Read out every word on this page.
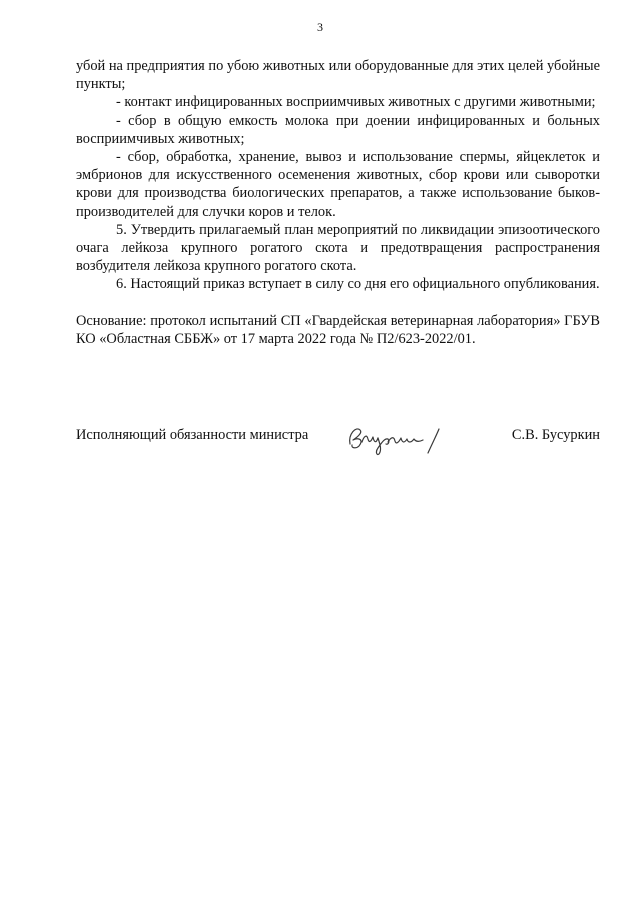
3

убой на предприятия по убою животных или оборудованные для этих целей убойные пункты;

- контакт инфицированных восприимчивых животных с другими животными;

- сбор в общую емкость молока при доении инфицированных и больных восприимчивых животных;

- сбор, обработка, хранение, вывоз и использование спермы, яйцеклеток и эмбрионов для искусственного осеменения животных, сбор крови или сыворотки крови для производства биологических препаратов, а также использование быков-производителей для случки коров и телок.

5. Утвердить прилагаемый план мероприятий по ликвидации эпизоотического очага лейкоза крупного рогатого скота и предотвращения распространения возбудителя лейкоза крупного рогатого скота.

6. Настоящий приказ вступает в силу со дня его официального опубликования.

Основание: протокол испытаний СП «Гвардейская ветеринарная лаборатория» ГБУВ КО «Областная СББЖ» от 17 марта 2022 года № П2/623-2022/01.

Исполняющий обязанности министра	С.В. Бусуркин
